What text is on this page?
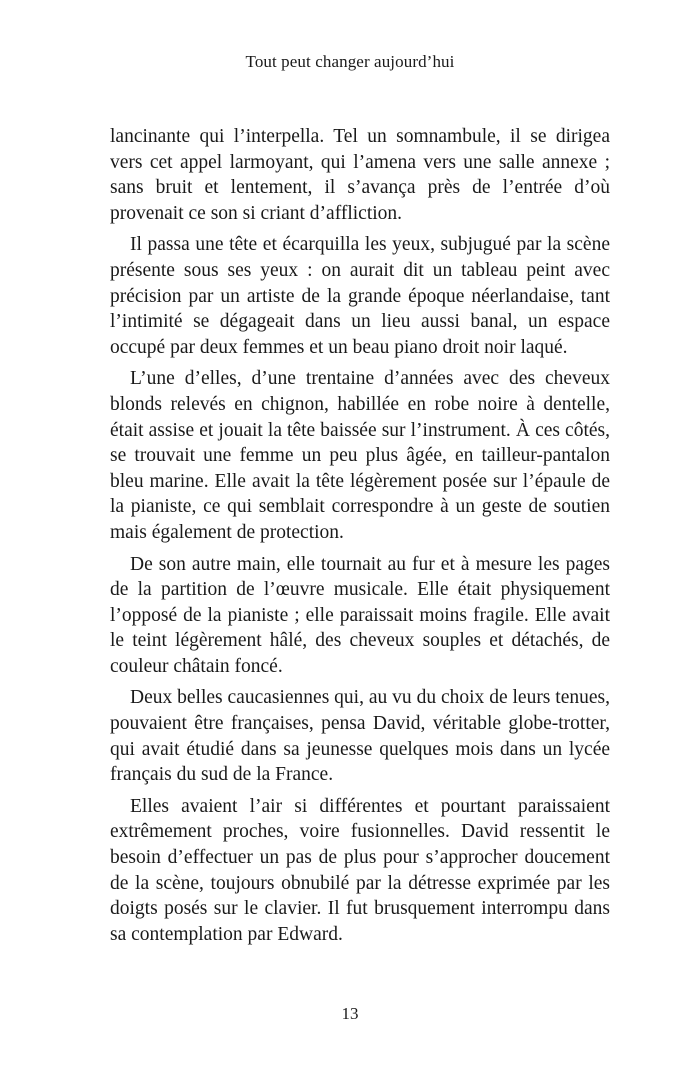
Tout peut changer aujourd’hui

lancinante qui l’interpella. Tel un somnambule, il se dirigea vers cet appel larmoyant, qui l’amena vers une salle annexe ; sans bruit et lentement, il s’avança près de l’entrée d’où provenait ce son si criant d’affliction.

Il passa une tête et écarquilla les yeux, subjugué par la scène présente sous ses yeux : on aurait dit un tableau peint avec précision par un artiste de la grande époque néerlandaise, tant l’intimité se dégageait dans un lieu aussi banal, un espace occupé par deux femmes et un beau piano droit noir laqué.

L’une d’elles, d’une trentaine d’années avec des cheveux blonds relevés en chignon, habillée en robe noire à dentelle, était assise et jouait la tête baissée sur l’instrument. À ces côtés, se trouvait une femme un peu plus âgée, en tailleur-pantalon bleu marine. Elle avait la tête légèrement posée sur l’épaule de la pianiste, ce qui semblait correspondre à un geste de soutien mais également de protection.

De son autre main, elle tournait au fur et à mesure les pages de la partition de l’œuvre musicale. Elle était physiquement l’opposé de la pianiste ; elle paraissait moins fragile. Elle avait le teint légèrement hâlé, des cheveux souples et détachés, de couleur châtain foncé.

Deux belles caucasiennes qui, au vu du choix de leurs tenues, pouvaient être françaises, pensa David, véritable globe-trotter, qui avait étudié dans sa jeunesse quelques mois dans un lycée français du sud de la France.

Elles avaient l’air si différentes et pourtant paraissaient extrêmement proches, voire fusionnelles. David ressentit le besoin d’effectuer un pas de plus pour s’approcher doucement de la scène, toujours obnubilé par la détresse exprimée par les doigts posés sur le clavier. Il fut brusquement interrompu dans sa contemplation par Edward.

13
